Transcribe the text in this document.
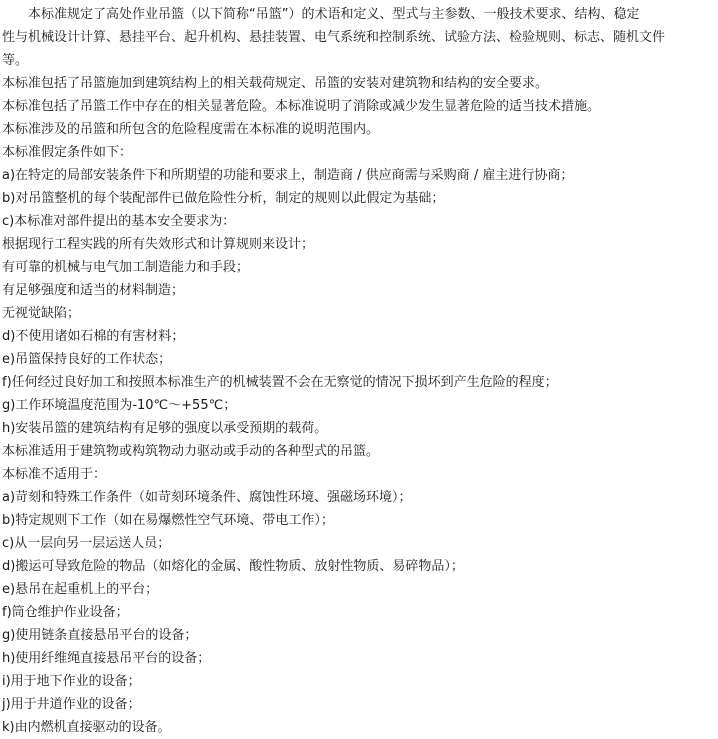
本标准规定了高处作业吊篮（以下简称“吊篮”）的术语和定义、型式与主参数、一般技术要求、结构、稳定
性与机械设计计算、悬挂平台、起升机构、悬挂装置、电气系统和控制系统、试验方法、检验规则、标志、随机文件
等。
本标准包括了吊篮施加到建筑结构上的相关载荷规定、吊篮的安装对建筑物和结构的安全要求。
本标准包括了吊篮工作中存在的相关显著危险。本标准说明了消除或减少发生显著危险的适当技术措施。
本标准涉及的吊篮和所包含的危险程度需在本标准的说明范围内。
本标准假定条件如下：
a)在特定的局部安装条件下和所期望的功能和要求上，制造商 / 供应商需与采购商 / 雇主进行协商；
b)对吊篮整机的每个装配部件已做危险性分析，制定的规则以此假定为基础；
c)本标准对部件提出的基本安全要求为：
根据现行工程实践的所有失效形式和计算规则来设计；
有可靠的机械与电气加工制造能力和手段；
有足够强度和适当的材料制造；
无视觉缺陷；
d)不使用诸如石棉的有害材料；
e)吊篮保持良好的工作状态；
f)任何经过良好加工和按照本标准生产的机械装置不会在无察觉的情况下损坏到产生危险的程度；
g)工作环境温度范围为-10℃～+55℃；
h)安装吊篮的建筑结构有足够的强度以承受预期的载荷。
本标准适用于建筑物或构筑物动力驱动或手动的各种型式的吊篮。
本标准不适用于：
a)苛刻和特殊工作条件（如苛刻环境条件、腐蚀性环境、强磁场环境）；
b)特定规则下工作（如在易爆燃性空气环境、带电工作）；
c)从一层向另一层运送人员；
d)搬运可导致危险的物品（如熔化的金属、酸性物质、放射性物质、易碎物品）；
e)悬吊在起重机上的平台；
f)筒仓维护作业设备；
g)使用链条直接悬吊平台的设备；
h)使用纤维绳直接悬吊平台的设备；
i)用于地下作业的设备；
j)用于井道作业的设备；
k)由内燃机直接驱动的设备。
